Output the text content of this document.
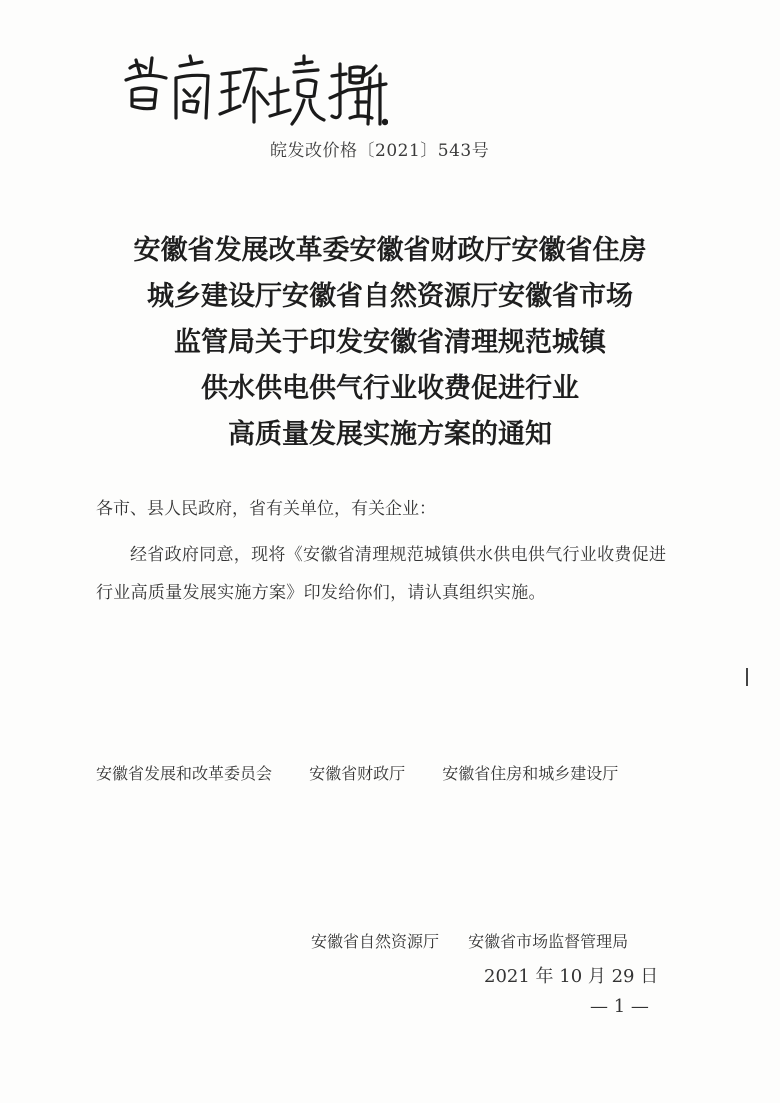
皖发改价格〔2021〕543号
安徽省发展改革委安徽省财政厅安徽省住房
城乡建设厅安徽省自然资源厅安徽省市场
监管局关于印发安徽省清理规范城镇
供水供电供气行业收费促进行业
高质量发展实施方案的通知
各市、县人民政府，省有关单位，有关企业：
经省政府同意，现将《安徽省清理规范城镇供水供电供气行业收费促进行业高质量发展实施方案》印发给你们，请认真组织实施。
安徽省发展和改革委员会 安徽省财政厅 安徽省住房和城乡建设厅
安徽省自然资源厅 安徽省市场监督管理局
2021 年 10 月 29 日
— 1 —
